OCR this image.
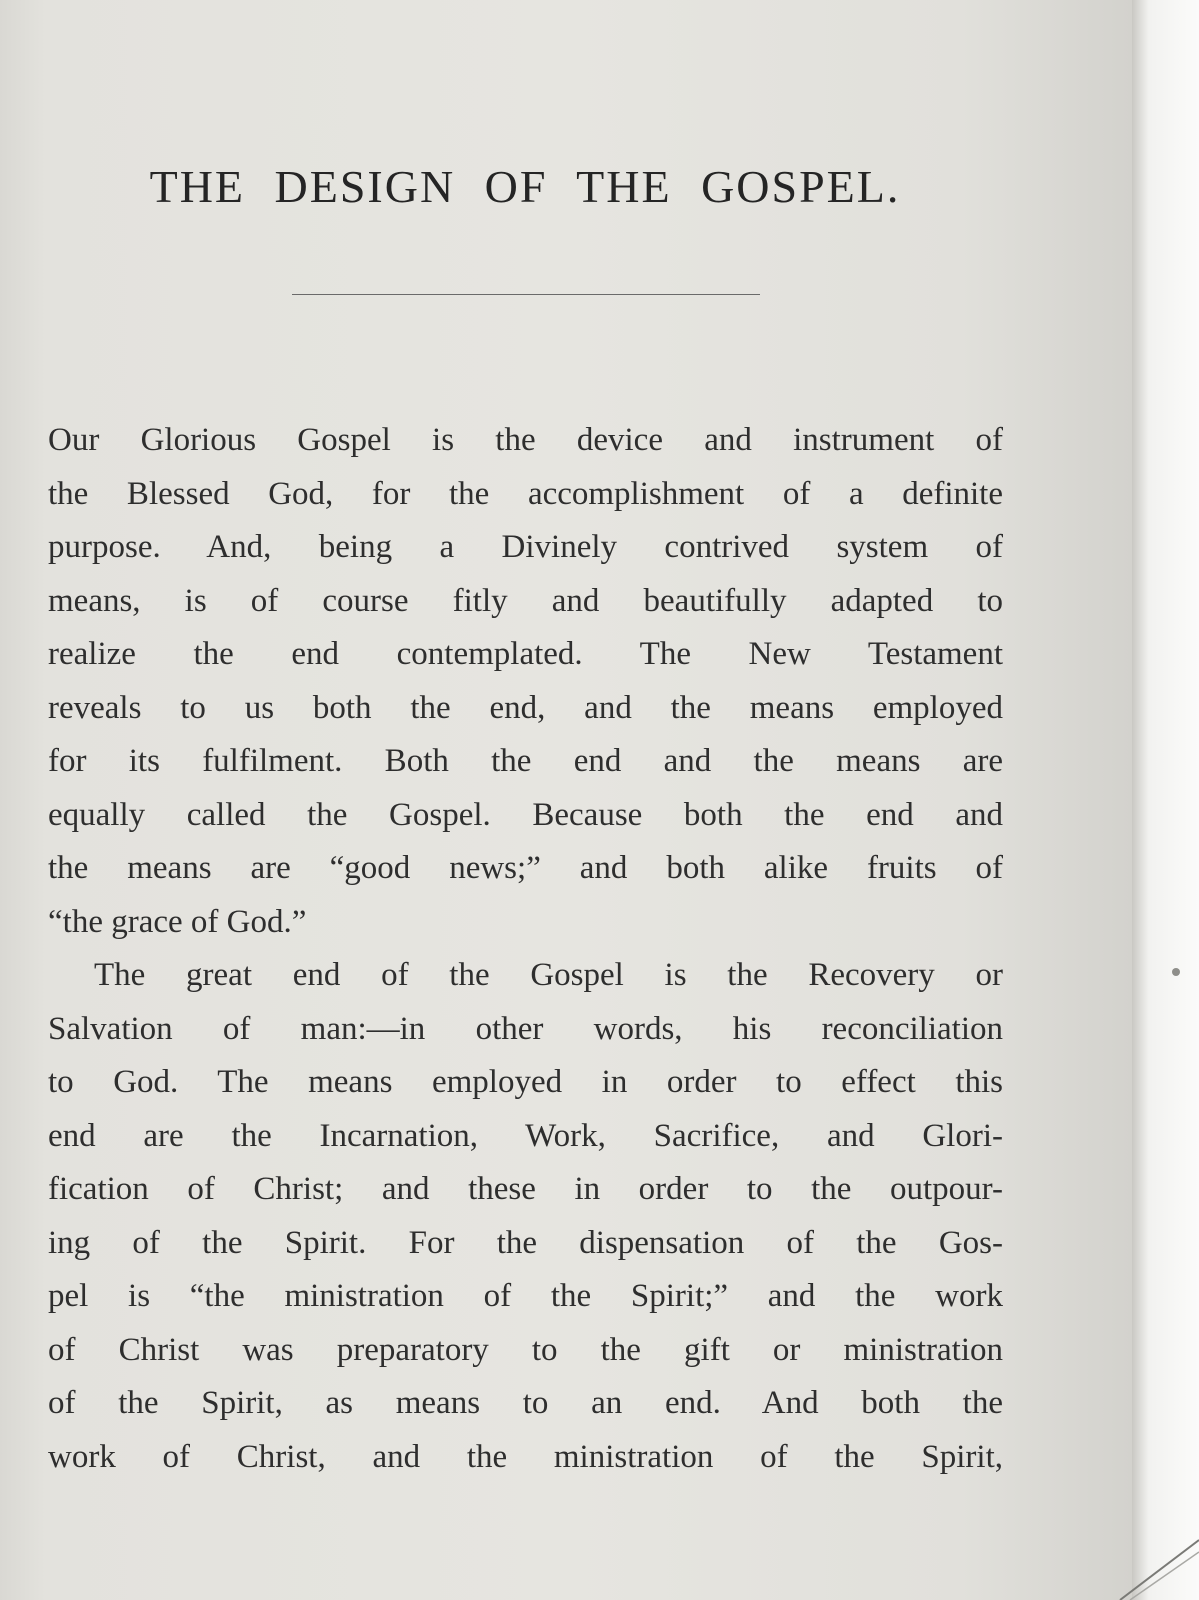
THE DESIGN OF THE GOSPEL.
Our Glorious Gospel is the device and instrument of
the Blessed God, for the accomplishment of a definite
purpose. And, being a Divinely contrived system of
means, is of course fitly and beautifully adapted to
realize the end contemplated. The New Testament
reveals to us both the end, and the means employed
for its fulfilment. Both the end and the means are
equally called the Gospel. Because both the end and
the means are “good news;” and both alike fruits of
“the grace of God.”
The great end of the Gospel is the Recovery or
Salvation of man:—in other words, his reconciliation
to God. The means employed in order to effect this
end are the Incarnation, Work, Sacrifice, and Glori-
fication of Christ; and these in order to the outpour-
ing of the Spirit. For the dispensation of the Gos-
pel is “the ministration of the Spirit;” and the work
of Christ was preparatory to the gift or ministration
of the Spirit, as means to an end. And both the
work of Christ, and the ministration of the Spirit,
